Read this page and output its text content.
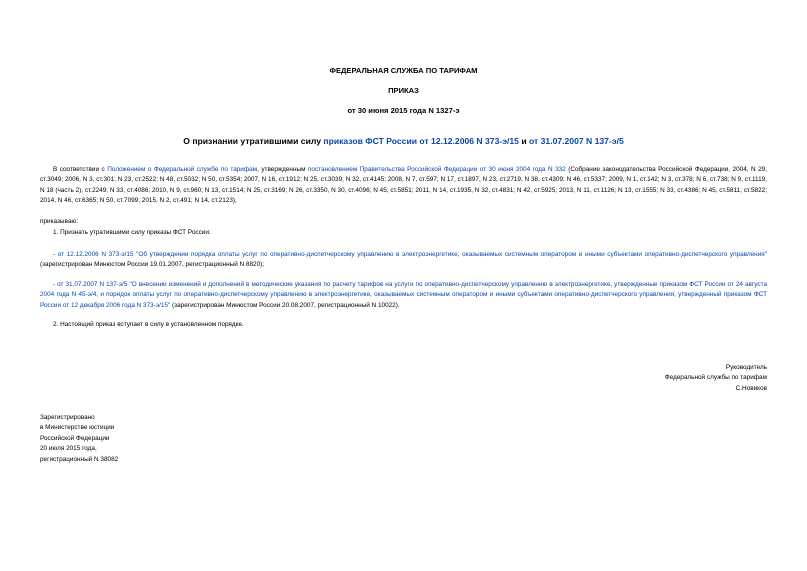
ФЕДЕРАЛЬНАЯ СЛУЖБА ПО ТАРИФАМ
ПРИКАЗ
от 30 июня 2015 года N 1327-э
О признании утратившими силу приказов ФСТ России от 12.12.2006 N 373-э/15 и от 31.07.2007 N 137-э/5
В соответствии с Положением о Федеральной службе по тарифам, утвержденным постановлением Правительства Российской Федерации от 30 июня 2004 года N 332 (Собрание законодательства Российской Федерации, 2004, N 29, ст.3049; 2006, N 3, ст.301; N 23, ст.2522; N 48, ст.5032; N 50, ст.5354; 2007, N 16, ст.1912; N 25, ст.3039; N 32, ст.4145; 2008, N 7, ст.597; N 17, ст.1897, N 23, ст.2719, N 38, ст.4309; N 46, ст.5337; 2009, N 1, ст.142; N 3, ст.378; N 6, ст.738; N 9, ст.1119, N 18 (часть 2), ст.2249; N 33, ст.4086; 2010, N 9, ст.960; N 13, ст.1514; N 25, ст.3169; N 26, ст.3350, N 30, ст.4096; N 45, ст.5851; 2011, N 14, ст.1935, N 32, ст.4831; N 42, ст.5925; 2013, N 11, ст.1126; N 13, ст.1555; N 33, ст.4386; N 45, ст.5811; ст.5822; 2014, N 46, ст.6365; N 50, ст.7099; 2015, N 2, ст.491; N 14, ст.2123),
приказываю:
1. Признать утратившими силу приказы ФСТ России:
- от 12.12.2006 N 373-э/15 "Об утверждении порядка оплаты услуг по оперативно-диспетчерскому управлению в электроэнергетике, оказываемых системным оператором и иными субъектами оперативно-диспетчерского управления" (зарегистрирован Минюстом России 19.01.2007, регистрационный N 8820);
- от 31.07.2007 N 137-э/5 "О внесении изменений и дополнений в методические указания по расчету тарифов на услуги по оперативно-диспетчерскому управлению в электроэнергетике, утвержденные приказом ФСТ России от 24 августа 2004 года N 45-э/4, и порядок оплаты услуг по оперативно-диспетчерскому управлению в электроэнергетике, оказываемых системным оператором и иными субъектами оперативно-диспетчерского управления, утвержденный приказом ФСТ России от 12 декабря 2006 года N 373-э/15" (зарегистрирован Минюстом России 20.08.2007, регистрационный N 10022).
2. Настоящий приказ вступает в силу в установленном порядке.
Руководитель
Федеральной службы по тарифам
С.Новиков
Зарегистрировано
в Министерстве юстиции
Российской Федерации
20 июля 2015 года,
регистрационный N 38082
